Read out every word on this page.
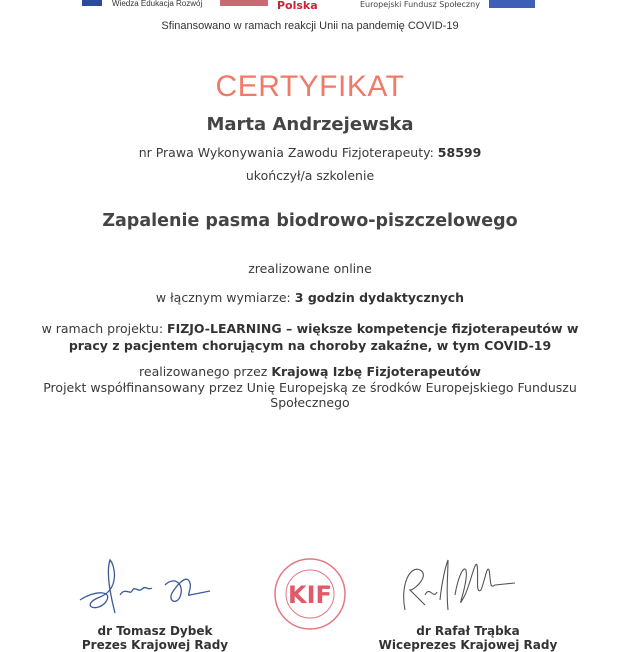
Wiedza Edukacja Rozwój	Polska	Europejski Fundusz Społeczny
Sfinansowano w ramach reakcji Unii na pandemię COVID-19
CERTYFIKAT
Marta Andrzejewska
nr Prawa Wykonywania Zawodu Fizjoterapeuty: 58599
ukończył/a szkolenie
Zapalenie pasma biodrowo-piszczelowego
zrealizowane online
w łącznym wymiarze: 3 godzin dydaktycznych
w ramach projektu: FIZJO-LEARNING – większe kompetencje fizjoterapeutów w
pracy z pacjentem chorującym na choroby zakaźne, w tym COVID-19
realizowanego przez Krajową Izbę Fizjoterapeutów
Projekt współfinansowany przez Unię Europejską ze środków Europejskiego Funduszu
Społecznego
KIF
dr Tomasz Dybek
Prezes Krajowej Rady
dr Rafał Trąbka
Wiceprezes Krajowej Rady
